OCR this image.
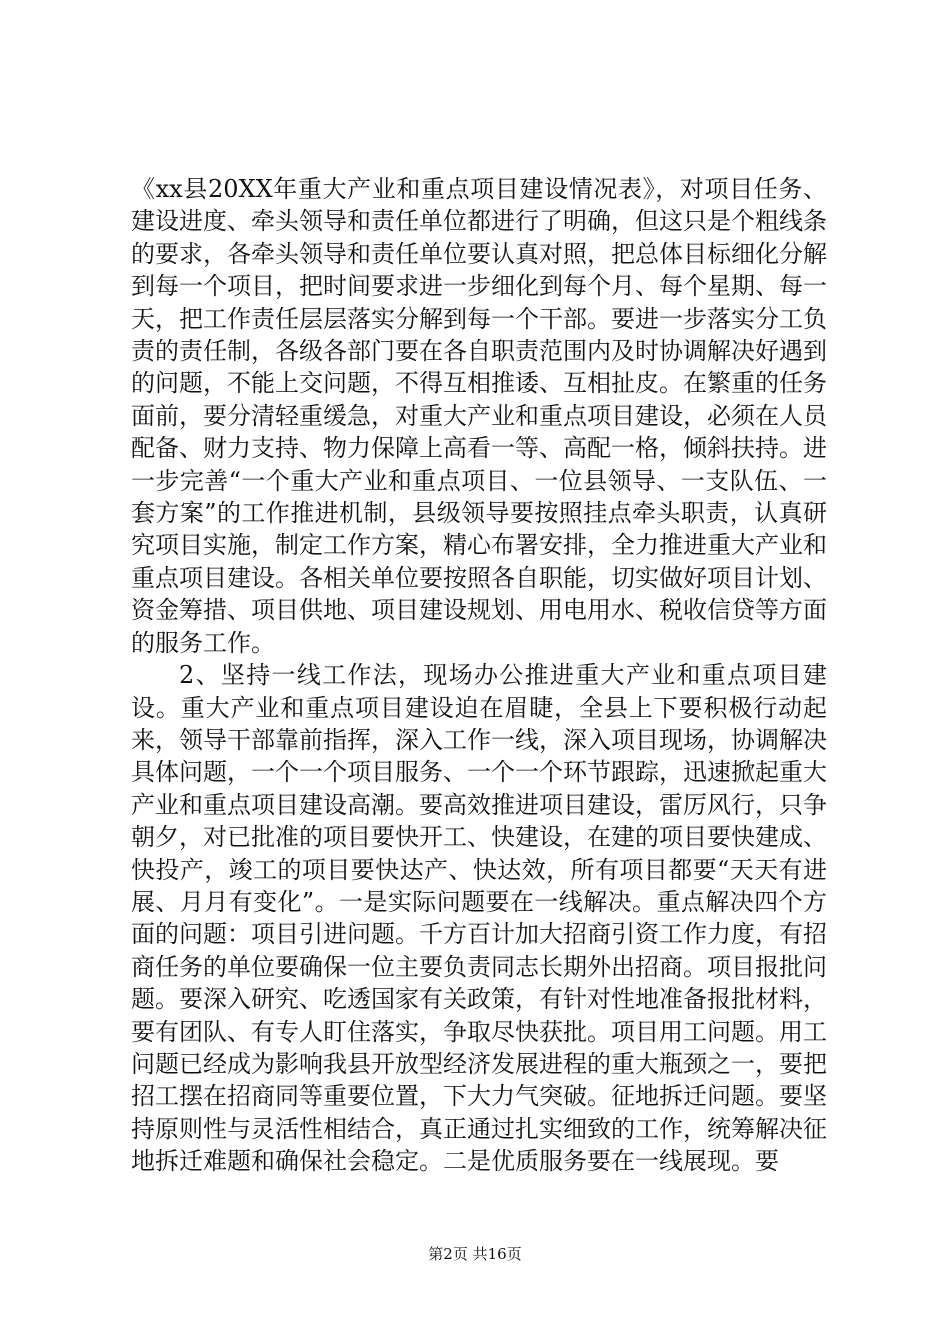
《xx县20XX年重大产业和重点项目建设情况表》，对项目任务、建设进度、牵头领导和责任单位都进行了明确，但这只是个粗线条的要求，各牵头领导和责任单位要认真对照，把总体目标细化分解到每一个项目，把时间要求进一步细化到每个月、每个星期、每一天，把工作责任层层落实分解到每一个干部。要进一步落实分工负责的责任制，各级各部门要在各自职责范围内及时协调解决好遇到的问题，不能上交问题，不得互相推诿、互相扯皮。在繁重的任务面前，要分清轻重缓急，对重大产业和重点项目建设，必须在人员配备、财力支持、物力保障上高看一等、高配一格，倾斜扶持。进一步完善“一个重大产业和重点项目、一位县领导、一支队伍、一套方案”的工作推进机制，县级领导要按照挂点牵头职责，认真研究项目实施，制定工作方案，精心布署安排，全力推进重大产业和重点项目建设。各相关单位要按照各自职能，切实做好项目计划、资金筹措、项目供地、项目建设规划、用电用水、税收信贷等方面的服务工作。

2、坚持一线工作法，现场办公推进重大产业和重点项目建设。重大产业和重点项目建设迫在眉睫，全县上下要积极行动起来，领导干部靠前指挥，深入工作一线，深入项目现场，协调解决具体问题，一个一个项目服务、一个一个环节跟踪，迅速掀起重大产业和重点项目建设高潮。要高效推进项目建设，雷厉风行，只争朝夕，对已批准的项目要快开工、快建设，在建的项目要快建成、快投产，竣工的项目要快达产、快达效，所有项目都要“天天有进展、月月有变化”。一是实际问题要在一线解决。重点解决四个方面的问题：项目引进问题。千方百计加大招商引资工作力度，有招商任务的单位要确保一位主要负责同志长期外出招商。项目报批问题。要深入研究、吃透国家有关政策，有针对性地准备报批材料，要有团队、有专人盯住落实，争取尽快获批。项目用工问题。用工问题已经成为影响我县开放型经济发展进程的重大瓶颈之一，要把招工摆在招商同等重要位置，下大力气突破。征地拆迁问题。要坚持原则性与灵活性相结合，真正通过扎实细致的工作，统筹解决征地拆迁难题和确保社会稳定。二是优质服务要在一线展现。要

第2页 共16页
